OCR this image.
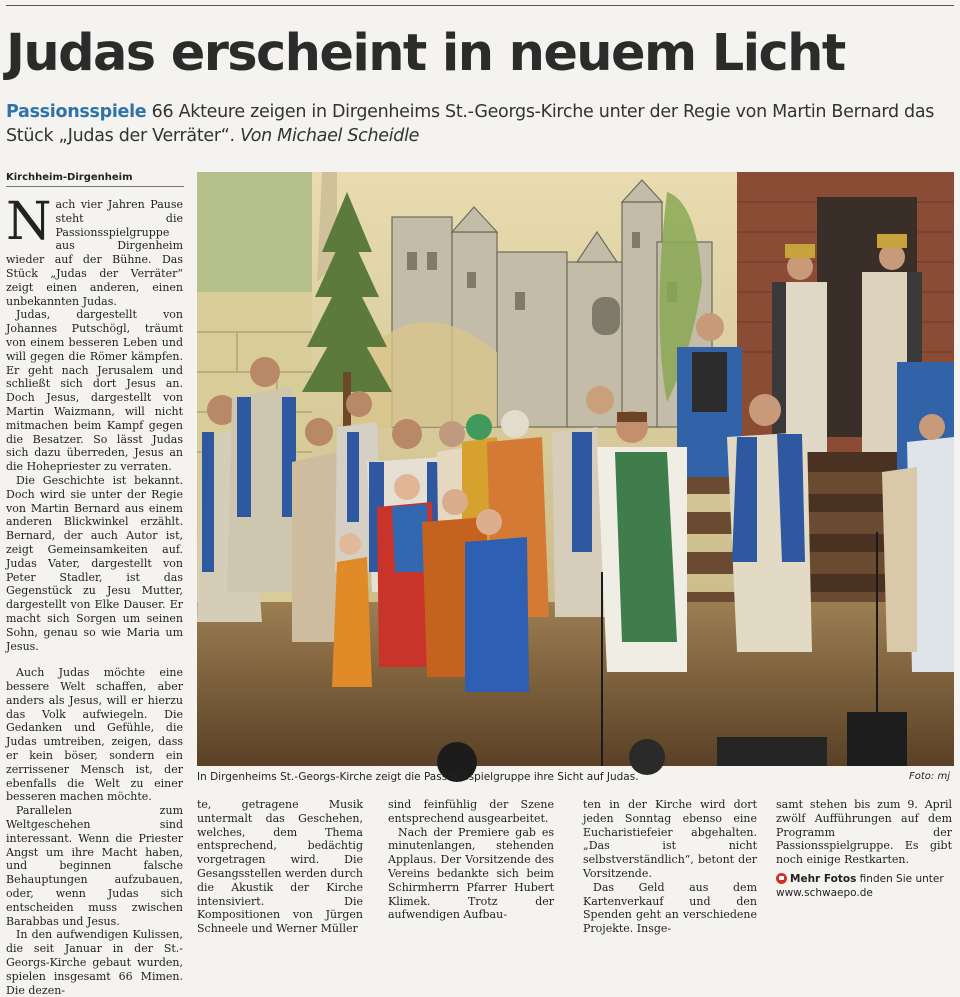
Judas erscheint in neuem Licht
Passionsspiele 66 Akteure zeigen in Dirgenheims St.-Georgs-Kirche unter der Regie von Martin Bernard das Stück „Judas der Verräter“. Von Michael Scheidle
Kirchheim-Dirgenheim

Nach vier Jahren Pause steht die Passionsspielgruppe aus Dirgenheim wieder auf der Bühne. Das Stück „Judas der Verräter“ zeigt einen anderen, einen unbekannten Judas.

Judas, dargestellt von Johannes Putschögl, träumt von einem besseren Leben und will gegen die Römer kämpfen. Er geht nach Jerusalem und schließt sich dort Jesus an. Doch Jesus, dargestellt von Martin Waizmann, will nicht mitmachen beim Kampf gegen die Besatzer. So lässt Judas sich dazu überreden, Jesus an die Hohepriester zu verraten.

Die Geschichte ist bekannt. Doch wird sie unter der Regie von Martin Bernard aus einem anderen Blickwinkel erzählt. Bernard, der auch Autor ist, zeigt Gemeinsamkeiten auf. Judas Vater, dargestellt von Peter Stadler, ist das Gegenstück zu Jesu Mutter, dargestellt von Elke Dauser. Er macht sich Sorgen um seinen Sohn, genau so wie Maria um Jesus.

Auch Judas möchte eine bessere Welt schaffen, aber anders als Jesus, will er hierzu das Volk aufwiegeln. Die Gedanken und Gefühle, die Judas umtreiben, zeigen, dass er kein böser, sondern ein zerrissener Mensch ist, der ebenfalls die Welt zu einer besseren machen möchte.

Parallelen zum Weltgeschehen sind interessant. Wenn die Priester Angst um ihre Macht haben, und beginnen falsche Behauptungen aufzubauen, oder, wenn Judas sich entscheiden muss zwischen Barabbas und Jesus.

In den aufwendigen Kulissen, die seit Januar in der St.-Georgs-Kirche gebaut wurden, spielen insgesamt 66 Mimen. Die dezen-

In Dirgenheims St.-Georgs-Kirche zeigt die Passionsspielgruppe ihre Sicht auf Judas.	Foto: mj

te, getragene Musik untermalt das Geschehen, welches, dem Thema entsprechend, bedächtig vorgetragen wird. Die Gesangsstellen werden durch die Akustik der Kirche intensiviert. Die Kompositionen von Jürgen Schneele und Werner Müller

sind feinfühlig der Szene entsprechend ausgearbeitet.

Nach der Premiere gab es minutenlangen, stehenden Applaus. Der Vorsitzende des Vereins bedankte sich beim Schirmherrn Pfarrer Hubert Klimek. Trotz der aufwendigen Aufbau-

ten in der Kirche wird dort jeden Sonntag ebenso eine Eucharistiefeier abgehalten. „Das ist nicht selbstverständlich“, betont der Vorsitzende.

Das Geld aus dem Kartenverkauf und den Spenden geht an verschiedene Projekte. Insge-

samt stehen bis zum 9. April zwölf Aufführungen auf dem Programm der Passionsspielgruppe. Es gibt noch einige Restkarten.

Mehr Fotos finden Sie unter
www.schwaepo.de
